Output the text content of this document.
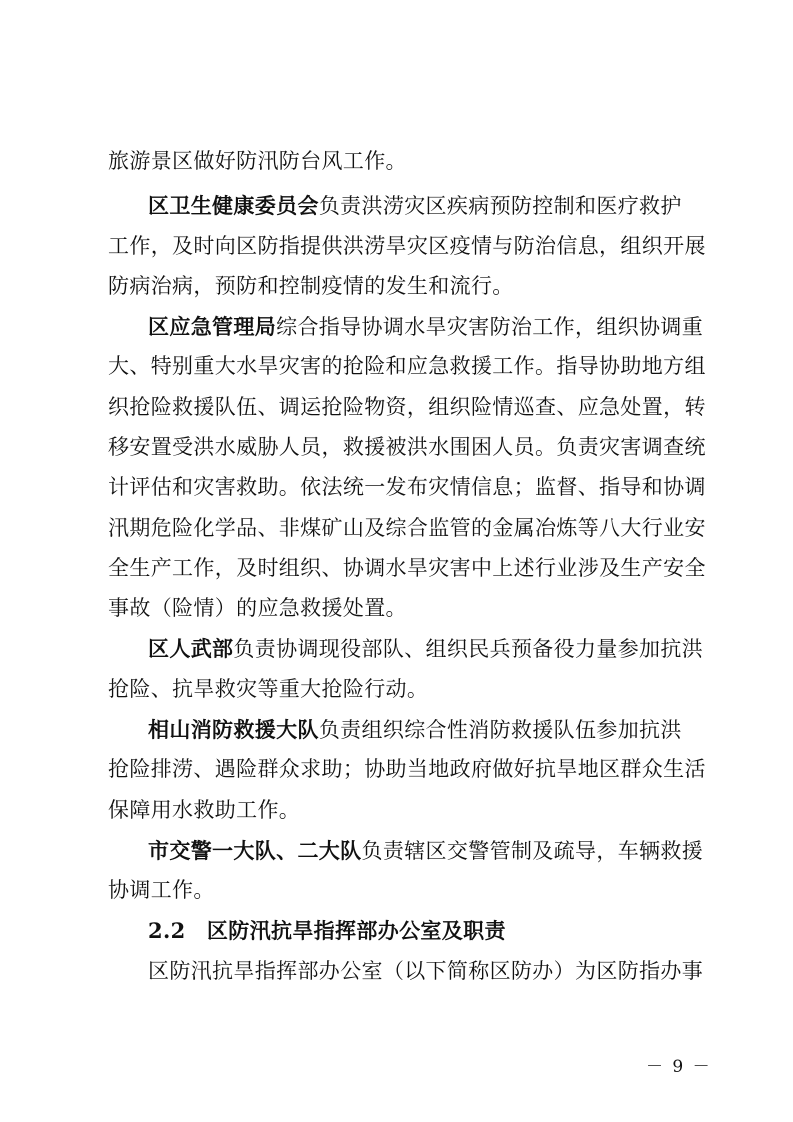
旅游景区做好防汛防台风工作。
区卫生健康委员会负责洪涝灾区疾病预防控制和医疗救护
工作，及时向区防指提供洪涝旱灾区疫情与防治信息，组织开展
防病治病，预防和控制疫情的发生和流行。
区应急管理局综合指导协调水旱灾害防治工作，组织协调重
大、特别重大水旱灾害的抢险和应急救援工作。指导协助地方组
织抢险救援队伍、调运抢险物资，组织险情巡查、应急处置，转
移安置受洪水威胁人员，救援被洪水围困人员。负责灾害调查统
计评估和灾害救助。依法统一发布灾情信息；监督、指导和协调
汛期危险化学品、非煤矿山及综合监管的金属冶炼等八大行业安
全生产工作，及时组织、协调水旱灾害中上述行业涉及生产安全
事故（险情）的应急救援处置。
区人武部负责协调现役部队、组织民兵预备役力量参加抗洪
抢险、抗旱救灾等重大抢险行动。
相山消防救援大队负责组织综合性消防救援队伍参加抗洪
抢险排涝、遇险群众求助；协助当地政府做好抗旱地区群众生活
保障用水救助工作。
市交警一大队、二大队负责辖区交警管制及疏导，车辆救援
协调工作。
2.2　区防汛抗旱指挥部办公室及职责
区防汛抗旱指挥部办公室（以下简称区防办）为区防指办事
－ 9 －
